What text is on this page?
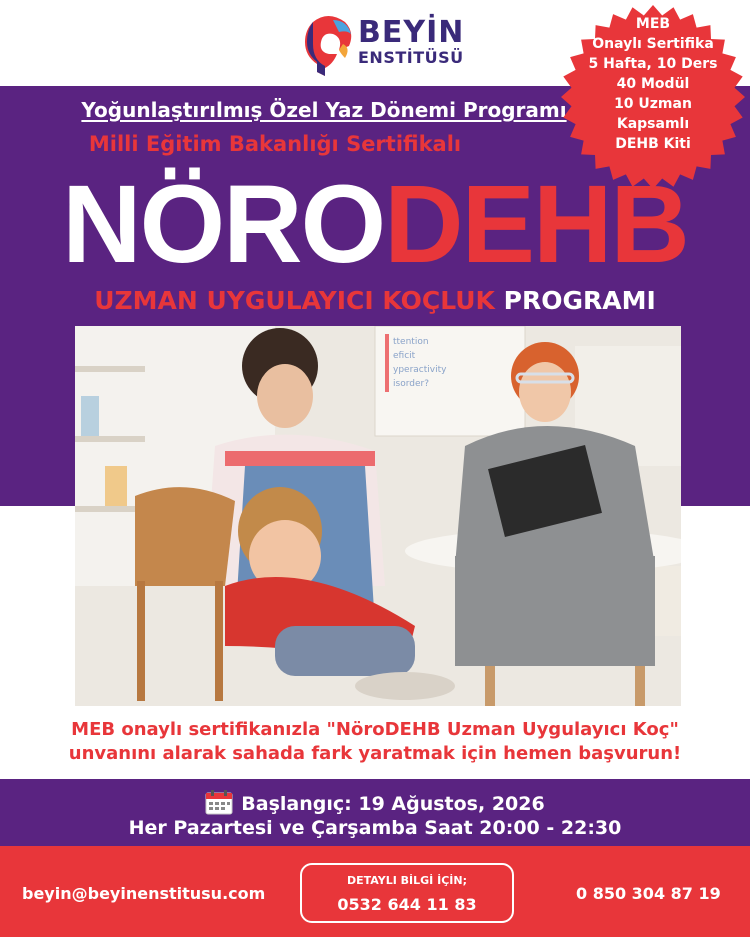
BEYİN
ENSTİTÜSÜ
Yoğunlaştırılmış Özel Yaz Dönemi Programı
Milli Eğitim Bakanlığı Sertifikalı
NÖRODEHB
UZMAN UYGULAYICI KOÇLUK PROGRAMI
MEB
Onaylı Sertifika
5 Hafta, 10 Ders
40 Modül
10 Uzman
Kapsamlı
DEHB Kiti
ttention
eficit
yperactivity
isorder?
MEB onaylı sertifikanızla "NöroDEHB Uzman Uygulayıcı Koç"
unvanını alarak sahada fark yaratmak için hemen başvurun!
Başlangıç: 19 Ağustos, 2026
Her Pazartesi ve Çarşamba Saat 20:00 - 22:30
beyin@beyinenstitusu.com
DETAYLI BİLGİ İÇİN;
0532 644 11 83
0 850 304 87 19
